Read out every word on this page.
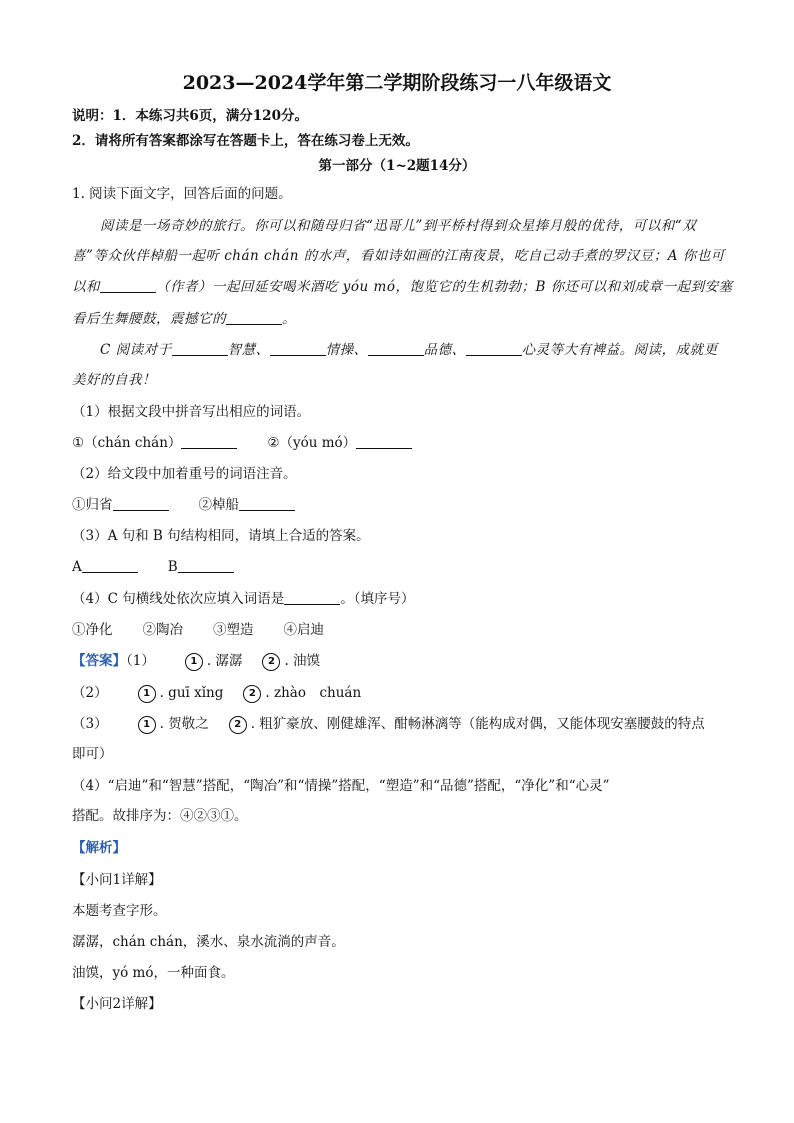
2023—2024学年第二学期阶段练习一八年级语文
说明：1．本练习共6页，满分120分。
2．请将所有答案都涂写在答题卡上，答在练习卷上无效。
第一部分（1~2题14分）
1. 阅读下面文字，回答后面的问题。
阅读是一场奇妙的旅行。你可以和随母归省“迅哥儿”到平桥村得到众星捧月般的优待，可以和“双
喜”等众伙伴棹船一起听 chán chán 的水声，看如诗如画的江南夜景，吃自己动手煮的罗汉豆；A 你也可
以和	（作者）一起回延安喝米酒吃 yóu mó，饱览它的生机勃勃；B 你还可以和刘成章一起到安塞
看后生舞腰鼓，震撼它的	。
C 阅读对于	智慧、	情操、	品德、	心灵等大有裨益。阅读，成就更
美好的自我！
（1）根据文段中拼音写出相应的词语。
①（chán chán）	②（yóu mó）
（2）给文段中加着重号的词语注音。
①归省	②棹船
（3）A 句和 B 句结构相同，请填上合适的答案。
A	B
（4）C 句横线处依次应填入词语是	。（填序号）
①净化 ②陶冶 ③塑造 ④启迪
【答案】（1）	1 . 潺潺	2 . 油馍
（2）	1 . guī xǐng	2 . zhào　chuán
（3）	1 . 贺敬之	2 . 粗犷豪放、刚健雄浑、酣畅淋漓等（能构成对偶，又能体现安塞腰鼓的特点
即可）
（4）“启迪”和“智慧”搭配，“陶冶”和“情操”搭配，“塑造”和“品德”搭配，“净化”和“心灵”
搭配。故排序为：④②③①。
【解析】
【小问1详解】
本题考查字形。
潺潺，chán chán，溪水、泉水流淌的声音。
油馍，yó mó，一种面食。
【小问2详解】
